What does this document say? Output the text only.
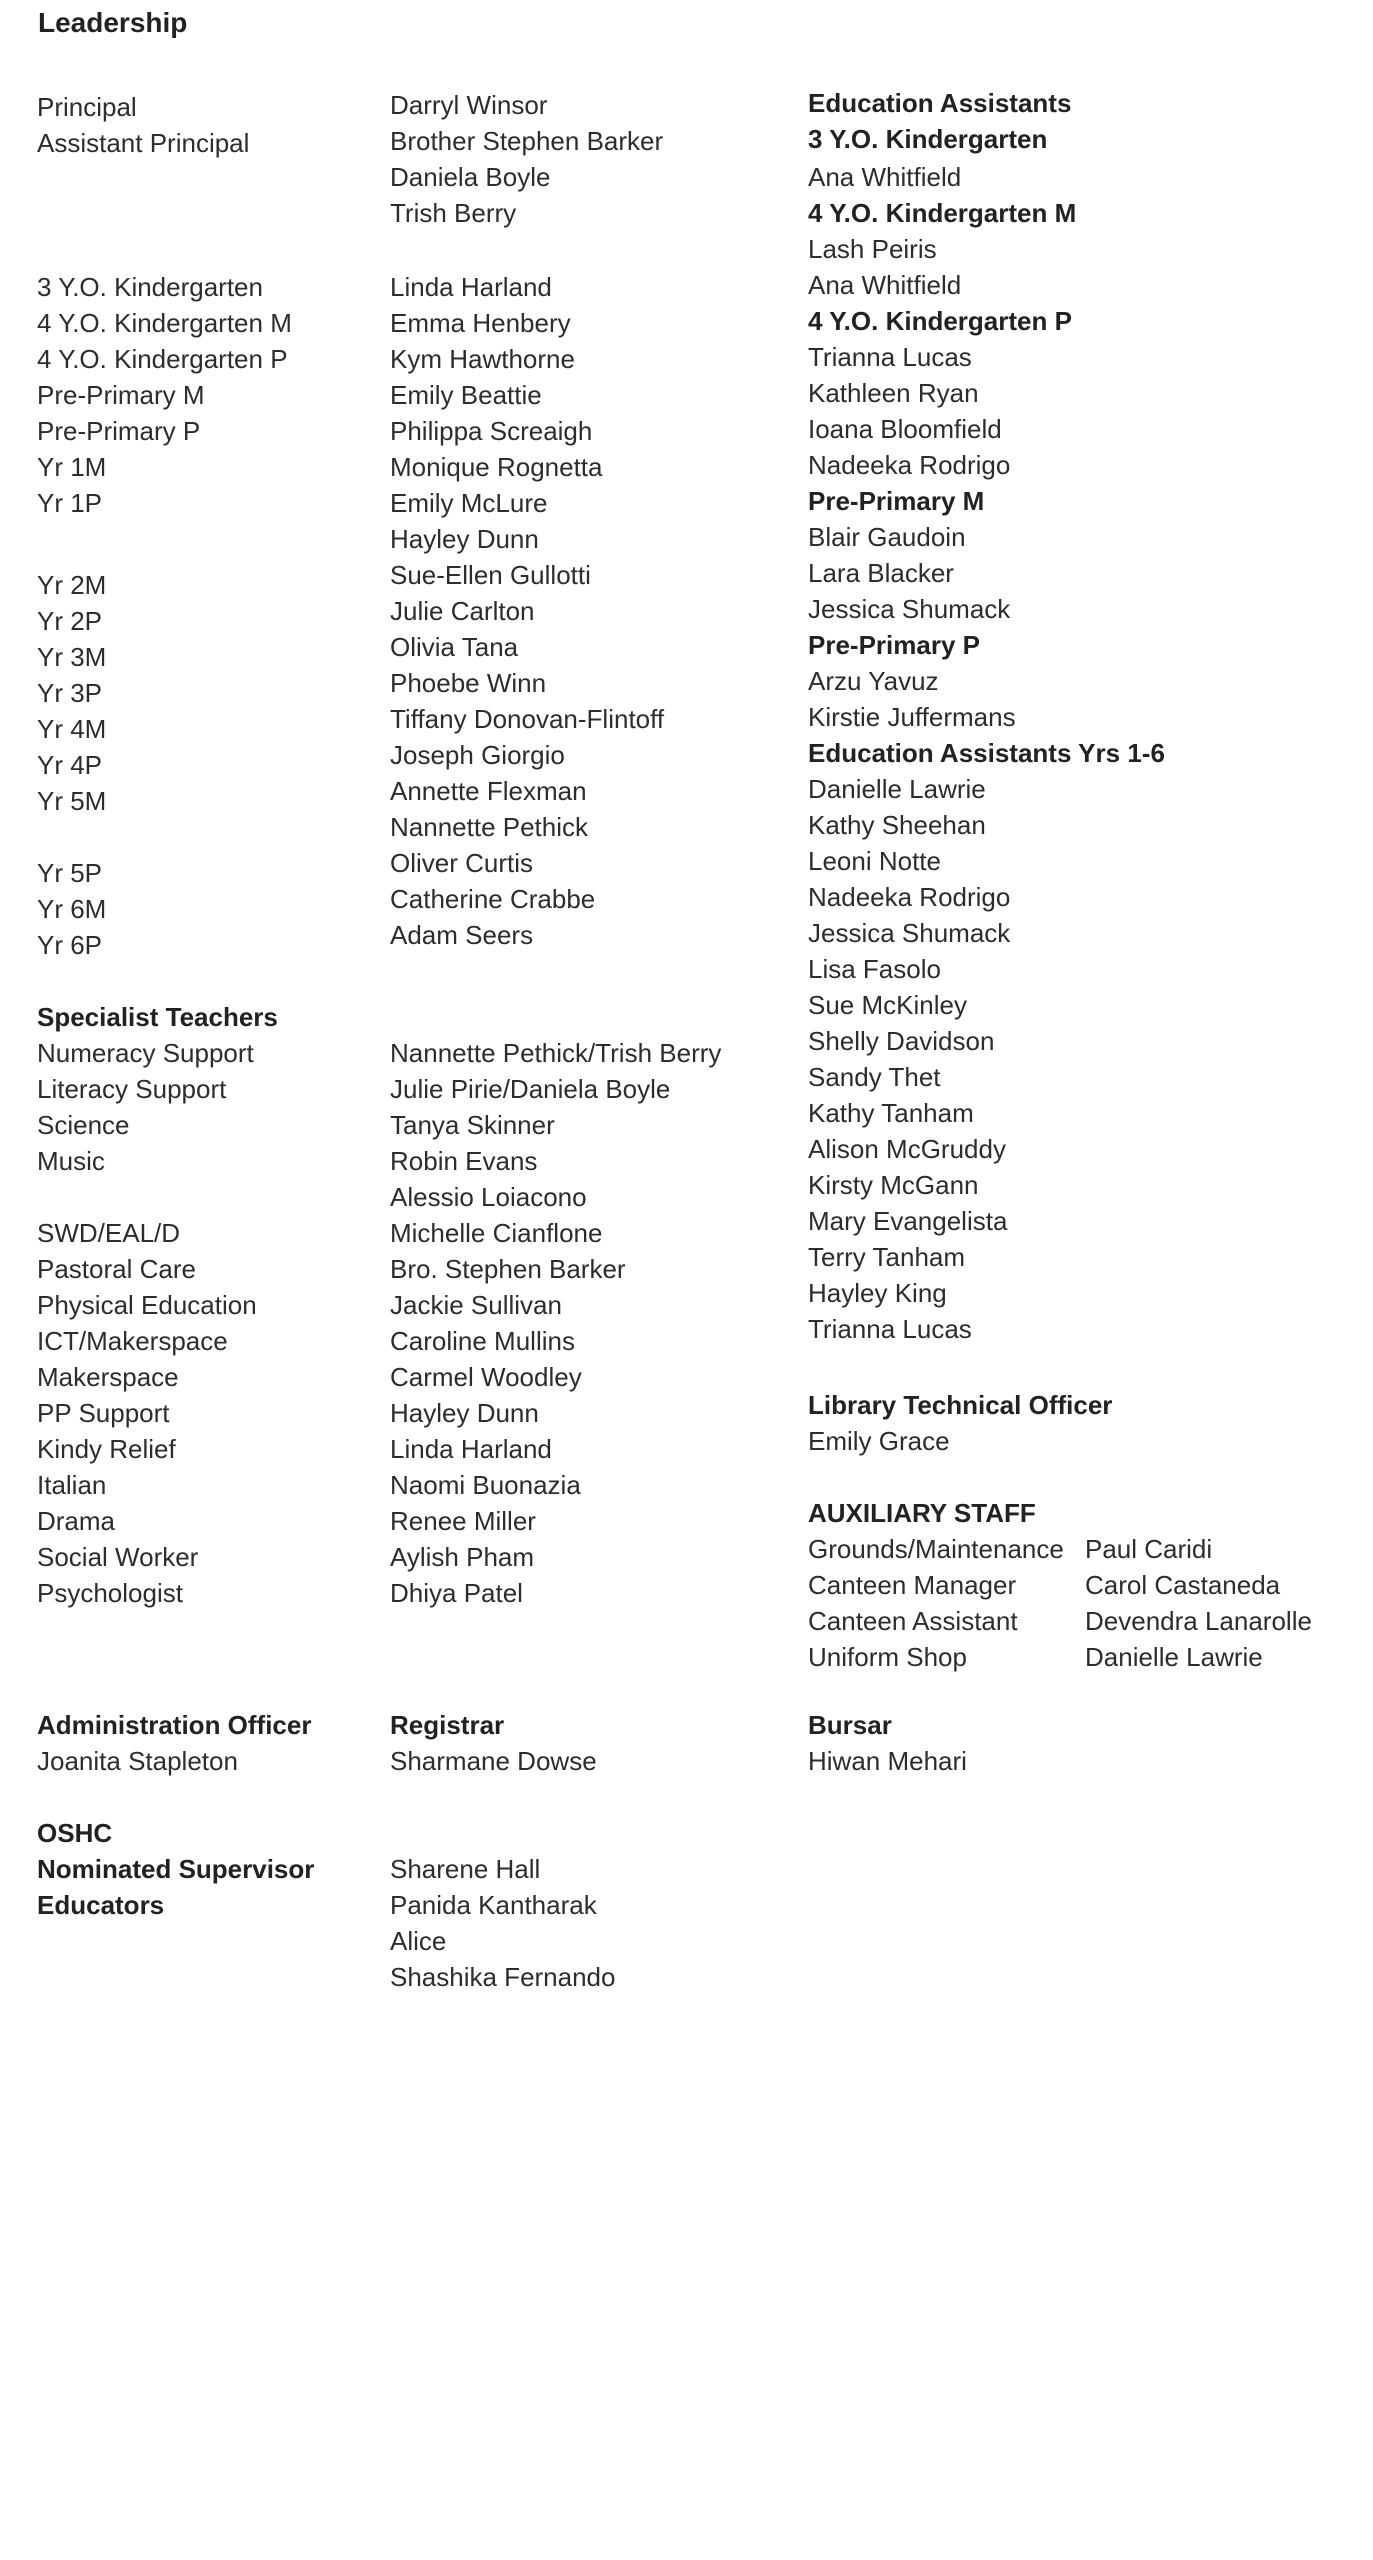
Leadership
Principal
Assistant Principal
3 Y.O. Kindergarten
4 Y.O. Kindergarten M
4 Y.O. Kindergarten P
Pre-Primary M
Pre-Primary P
Yr 1M
Yr 1P
Yr 2M
Yr 2P
Yr 3M
Yr 3P
Yr 4M
Yr 4P
Yr 5M
Yr 5P
Yr 6M
Yr 6P
Specialist Teachers
Numeracy Support
Literacy Support
Science
Music
SWD/EAL/D
Pastoral Care
Physical Education
ICT/Makerspace
Makerspace
PP Support
Kindy Relief
Italian
Drama
Social Worker
Psychologist
Administration Officer
Joanita Stapleton
OSHC
Nominated Supervisor
Educators
Darryl Winsor
Brother Stephen Barker
Daniela Boyle
Trish Berry
Linda Harland
Emma Henbery
Kym Hawthorne
Emily Beattie
Philippa Screaigh
Monique Rognetta
Emily McLure
Hayley Dunn
Sue-Ellen Gullotti
Julie Carlton
Olivia Tana
Phoebe Winn
Tiffany Donovan-Flintoff
Joseph Giorgio
Annette Flexman
Nannette Pethick
Oliver Curtis
Catherine Crabbe
Adam Seers
Nannette Pethick/Trish Berry
Julie Pirie/Daniela Boyle
Tanya Skinner
Robin Evans
Alessio Loiacono
Michelle Cianflone
Bro. Stephen Barker
Jackie Sullivan
Caroline Mullins
Carmel Woodley
Hayley Dunn
Linda Harland
Naomi Buonazia
Renee Miller
Aylish Pham
Dhiya Patel
Registrar
Sharmane Dowse
Sharene Hall
Panida Kantharak
Alice
Shashika Fernando
Education Assistants
3 Y.O. Kindergarten
Ana Whitfield
4 Y.O. Kindergarten M
Lash Peiris
Ana Whitfield
4 Y.O. Kindergarten P
Trianna Lucas
Kathleen Ryan
Ioana Bloomfield
Nadeeka Rodrigo
Pre-Primary M
Blair Gaudoin
Lara Blacker
Jessica Shumack
Pre-Primary P
Arzu Yavuz
Kirstie Juffermans
Education Assistants Yrs 1-6
Danielle Lawrie
Kathy Sheehan
Leoni Notte
Nadeeka Rodrigo
Jessica Shumack
Lisa Fasolo
Sue McKinley
Shelly Davidson
Sandy Thet
Kathy Tanham
Alison McGruddy
Kirsty McGann
Mary Evangelista
Terry Tanham
Hayley King
Trianna Lucas
Library Technical Officer
Emily Grace
AUXILIARY STAFF
Grounds/Maintenance
Canteen Manager
Canteen Assistant
Uniform Shop
Bursar
Hiwan Mehari
Paul Caridi
Carol Castaneda
Devendra Lanarolle
Danielle Lawrie
